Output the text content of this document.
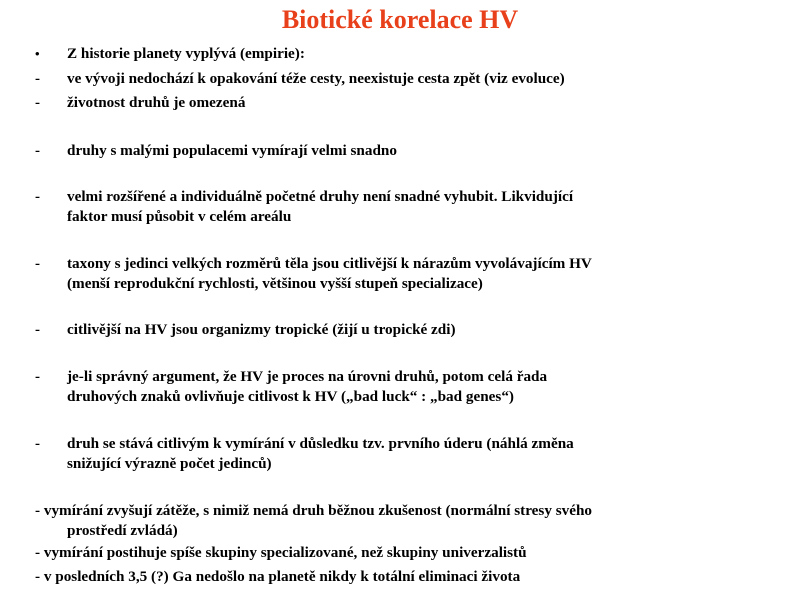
Biotické korelace HV
• Z historie planety vyplývá (empirie):
- ve vývoji nedochází k opakování téže cesty, neexistuje cesta zpět (viz evoluce)
- životnost druhů je omezená
- druhy s malými populacemi vymírají velmi snadno
- velmi rozšířené a individuálně početné druhy není snadné vyhubit. Likvidující
faktor musí působit v celém areálu
- taxony s jedinci velkých rozměrů těla jsou citlivější k nárazům vyvolávajícím HV
(menší reprodukční rychlosti, většinou vyšší stupeň specializace)
- citlivější na HV jsou organizmy tropické (žijí u tropické zdi)
- je-li správný argument, že HV je proces na úrovni druhů, potom celá řada
druhových znaků ovlivňuje citlivost k HV („bad luck“ : „bad genes“)
- druh se stává citlivým k vymírání v důsledku tzv. prvního úderu (náhlá změna
snižující výrazně počet jedinců)
- vymírání zvyšují zátěže, s nimiž nemá druh běžnou zkušenost (normální stresy svého
prostředí zvládá)
- vymírání postihuje spíše skupiny specializované, než skupiny univerzalistů
- v posledních 3,5 (?) Ga nedošlo na planetě nikdy k totální eliminaci života
